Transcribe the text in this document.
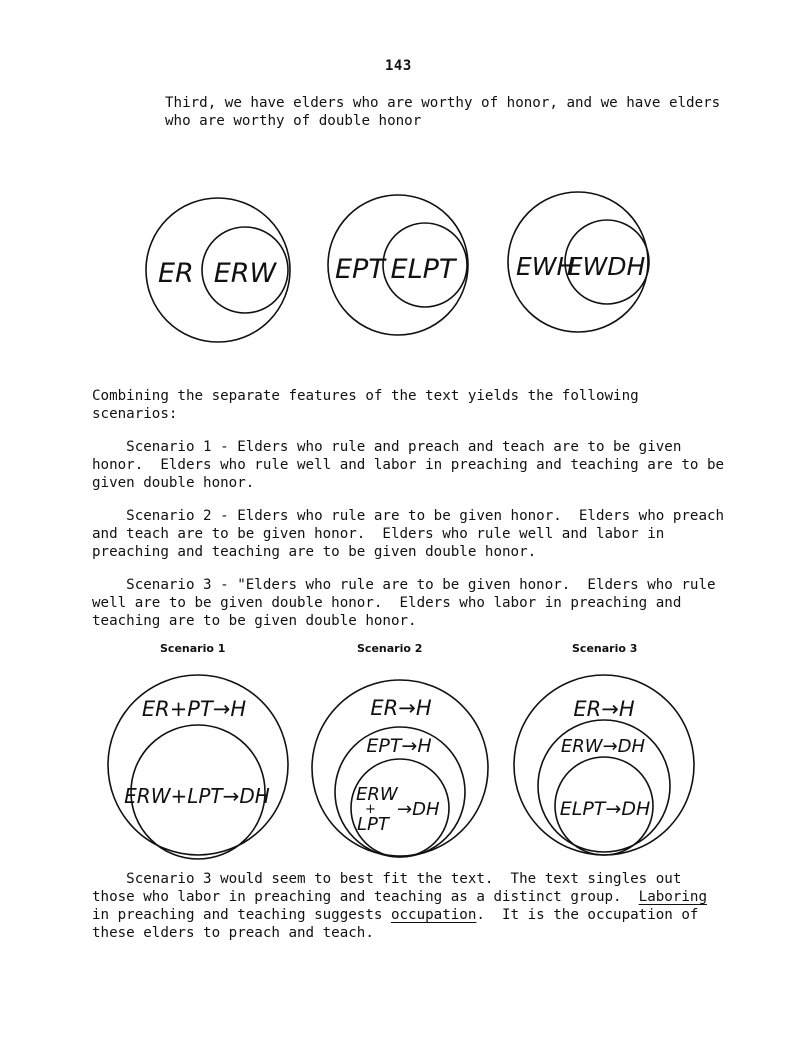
143

Third, we have elders who are worthy of honor, and we have elders
who are worthy of double honor

ER ERW EPT ELPT EWH
EWDH
Scenario 1	Scenario 2	Scenario 3
ER+PT→H
ERW+LPT→DH
ER→H
EPT→H
ERW
+
LPT
→DH
ER→H
ERW→DH
ELPT→DH

Combining the separate features of the text yields the following
scenarios:

Scenario 1 - Elders who rule and preach and teach are to be given
honor.  Elders who rule well and labor in preaching and teaching are to be
given double honor.

Scenario 2 - Elders who rule are to be given honor.  Elders who preach
and teach are to be given honor.  Elders who rule well and labor in
preaching and teaching are to be given double honor.

Scenario 3 - "Elders who rule are to be given honor.  Elders who rule
well are to be given double honor.  Elders who labor in preaching and
teaching are to be given double honor.

Scenario 3 would seem to best fit the text.  The text singles out
those who labor in preaching and teaching as a distinct group.  Laboring
in preaching and teaching suggests occupation.  It is the occupation of
these elders to preach and teach.
